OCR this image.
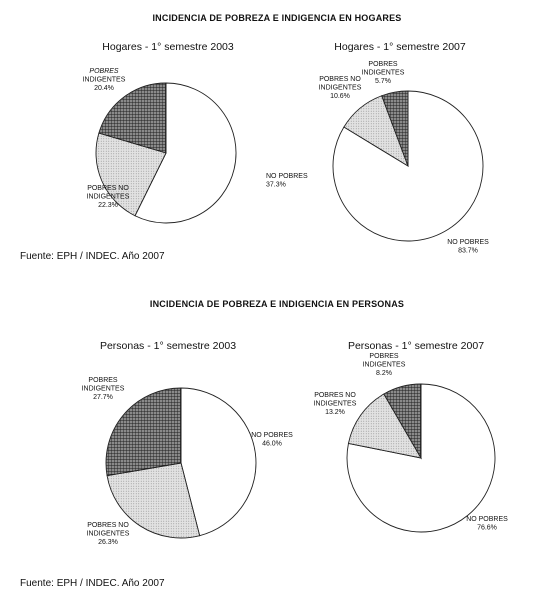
INCIDENCIA DE POBREZA E INDIGENCIA EN HOGARES
INCIDENCIA DE POBREZA E INDIGENCIA EN PERSONAS
Hogares - 1° semestre 2003	Hogares - 1° semestre 2007
Personas - 1° semestre 2003	Personas - 1° semestre 2007
NO POBRES 37.3%
POBRES NO INDIGENTES 22.3%
POBRES INDIGENTES 20.4%
NO POBRES 83.7%
POBRES NO INDIGENTES 10.6%
POBRES INDIGENTES 5.7%
NO POBRES 46.0%
POBRES NO INDIGENTES 26.3%
POBRES INDIGENTES 27.7%
NO POBRES 76.6%
POBRES NO INDIGENTES 13.2%
POBRES INDIGENTES 8.2%
Fuente: EPH / INDEC. Año 2007
Fuente: EPH / INDEC. Año 2007
